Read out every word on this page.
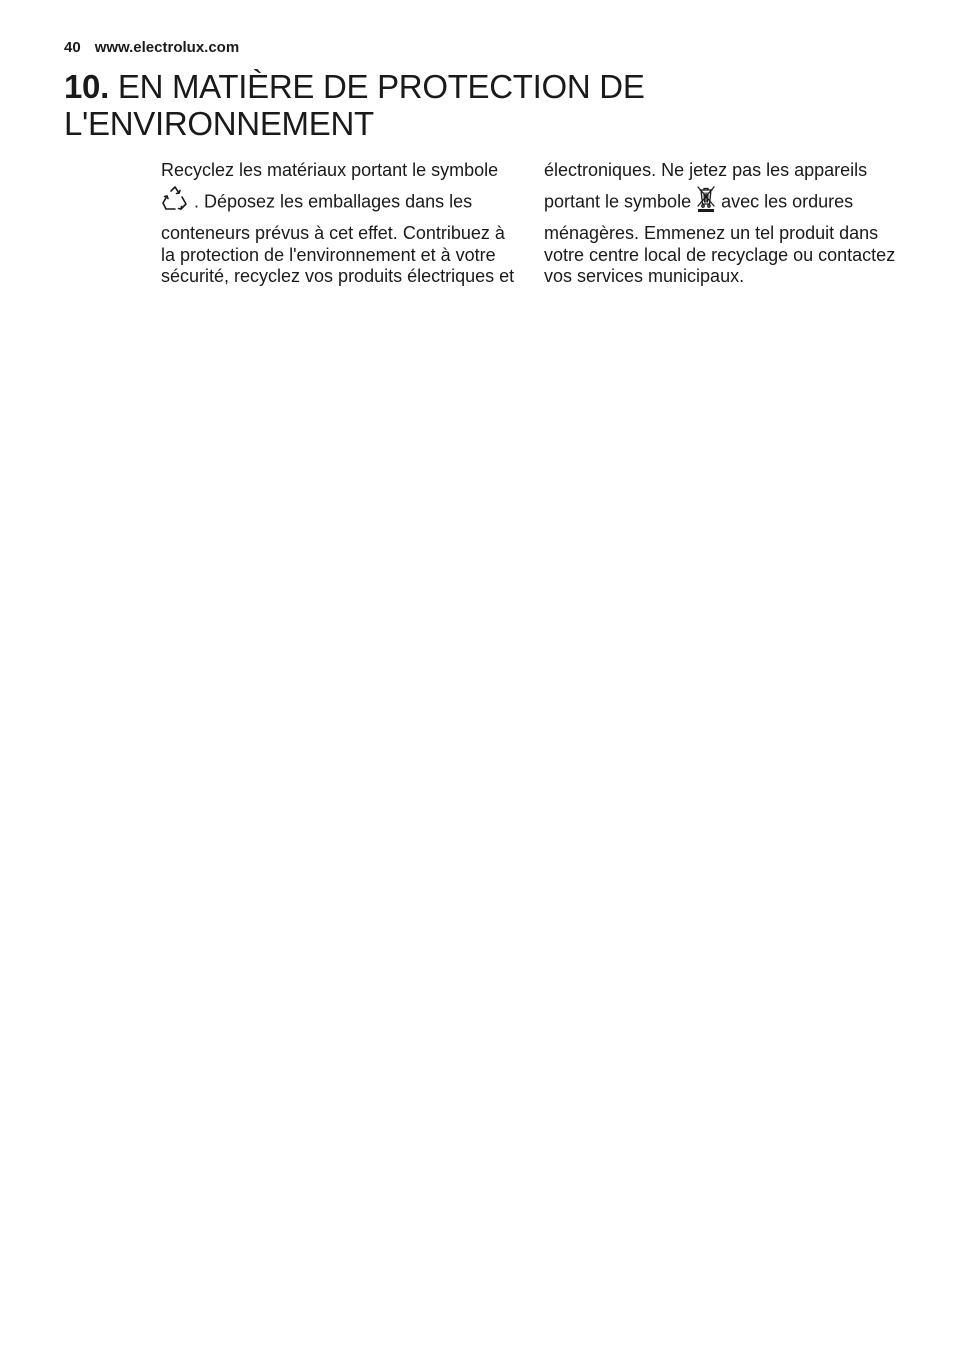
40 www.electrolux.com
10. EN MATIÈRE DE PROTECTION DE L'ENVIRONNEMENT

Recyclez les matériaux portant le symbole  . Déposez les emballages dans les conteneurs prévus à cet effet. Contribuez à la protection de l'environnement et à votre sécurité, recyclez vos produits électriques et

électroniques. Ne jetez pas les appareils portant le symbole avec les ordures ménagères. Emmenez un tel produit dans votre centre local de recyclage ou contactez vos services municipaux.
